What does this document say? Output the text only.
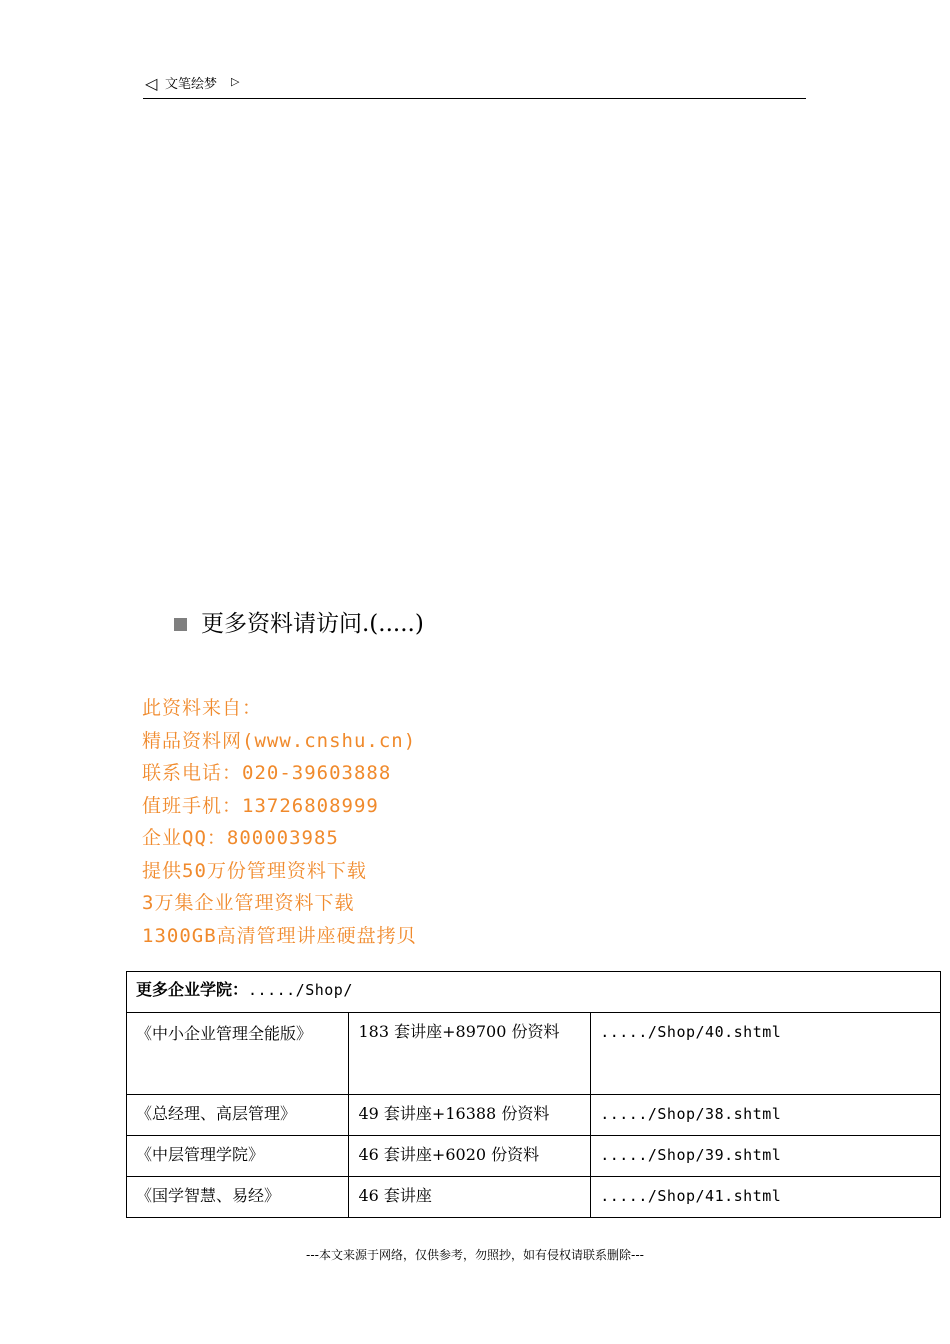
◁ 文笔绘梦 ▷
更多资料请访问.(.....)
此资料来自：
精品资料网(www.cnshu.cn)
联系电话：020-39603888
值班手机：13726808999
企业QQ：800003985
提供50万份管理资料下载
3万集企业管理资料下载
1300GB高清管理讲座硬盘拷贝
更多企业学院：...../Shop/		
《中小企业管理全能版》	183 套讲座+89700 份资料	...../Shop/40.shtml
《总经理、高层管理》	49 套讲座+16388 份资料	...../Shop/38.shtml
《中层管理学院》	46 套讲座+6020 份资料	...../Shop/39.shtml
《国学智慧、易经》	46 套讲座	...../Shop/41.shtml
---本文来源于网络，仅供参考，勿照抄，如有侵权请联系删除---
